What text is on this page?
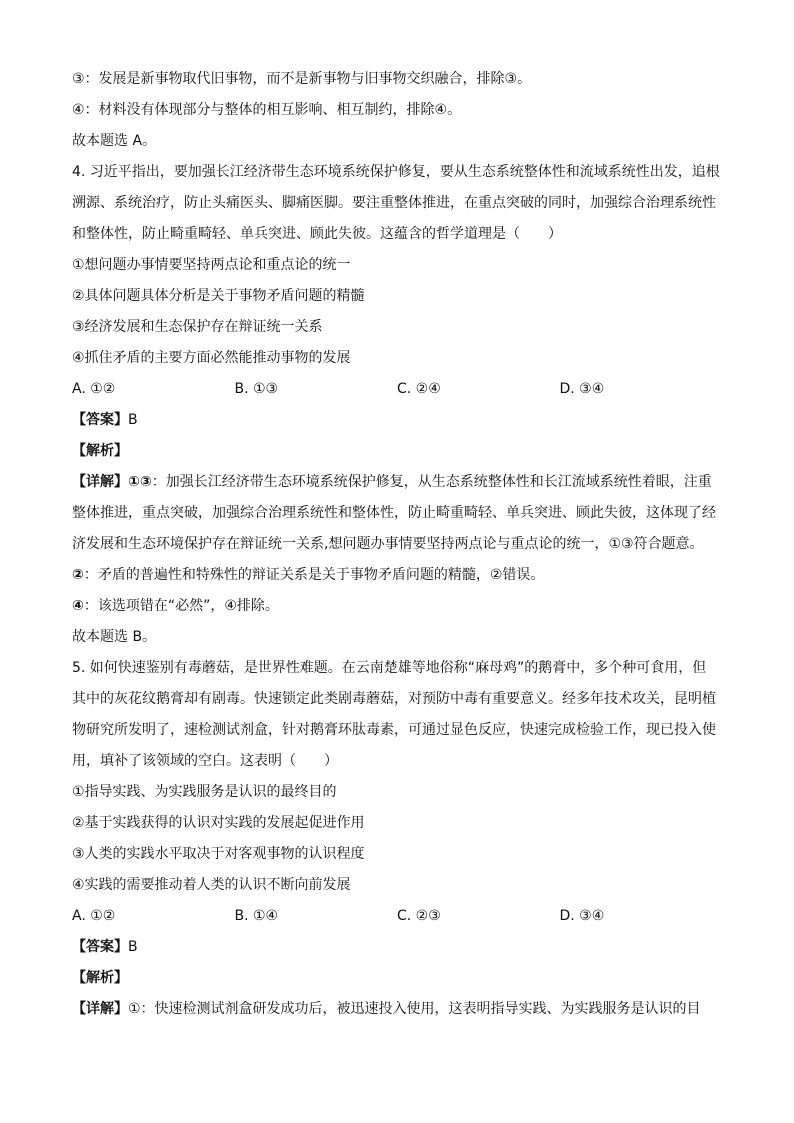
③：发展是新事物取代旧事物，而不是新事物与旧事物交织融合，排除③。
④：材料没有体现部分与整体的相互影响、相互制约，排除④。
故本题选 A。
4. 习近平指出，要加强长江经济带生态环境系统保护修复，要从生态系统整体性和流域系统性出发，追根
溯源、系统治疗，防止头痛医头、脚痛医脚。要注重整体推进，在重点突破的同时，加强综合治理系统性
和整体性，防止畸重畸轻、单兵突进、顾此失彼。这蕴含的哲学道理是（　　）
①想问题办事情要坚持两点论和重点论的统一
②具体问题具体分析是关于事物矛盾问题的精髓
③经济发展和生态保护存在辩证统一关系
④抓住矛盾的主要方面必然能推动事物的发展
A. ①②	B. ①③	C. ②④	D. ③④
【答案】B
【解析】
【详解】①③：加强长江经济带生态环境系统保护修复，从生态系统整体性和长江流域系统性着眼，注重
整体推进，重点突破，加强综合治理系统性和整体性，防止畸重畸轻、单兵突进、顾此失彼，这体现了经
济发展和生态环境保护存在辩证统一关系,想问题办事情要坚持两点论与重点论的统一，①③符合题意。
②：矛盾的普遍性和特殊性的辩证关系是关于事物矛盾问题的精髓，②错误。
④：该选项错在“必然”，④排除。
故本题选 B。
5. 如何快速鉴别有毒蘑菇，是世界性难题。在云南楚雄等地俗称“麻母鸡”的鹅膏中，多个种可食用，但
其中的灰花纹鹅膏却有剧毒。快速锁定此类剧毒蘑菇，对预防中毒有重要意义。经多年技术攻关，昆明植
物研究所发明了，速检测试剂盒，针对鹅膏环肽毒素，可通过显色反应，快速完成检验工作，现已投入使
用，填补了该领域的空白。这表明（　　）
①指导实践、为实践服务是认识的最终目的
②基于实践获得的认识对实践的发展起促进作用
③人类的实践水平取决于对客观事物的认识程度
④实践的需要推动着人类的认识不断向前发展
A. ①②	B. ①④	C. ②③	D. ③④
【答案】B
【解析】
【详解】①：快速检测试剂盒研发成功后，被迅速投入使用，这表明指导实践、为实践服务是认识的目
